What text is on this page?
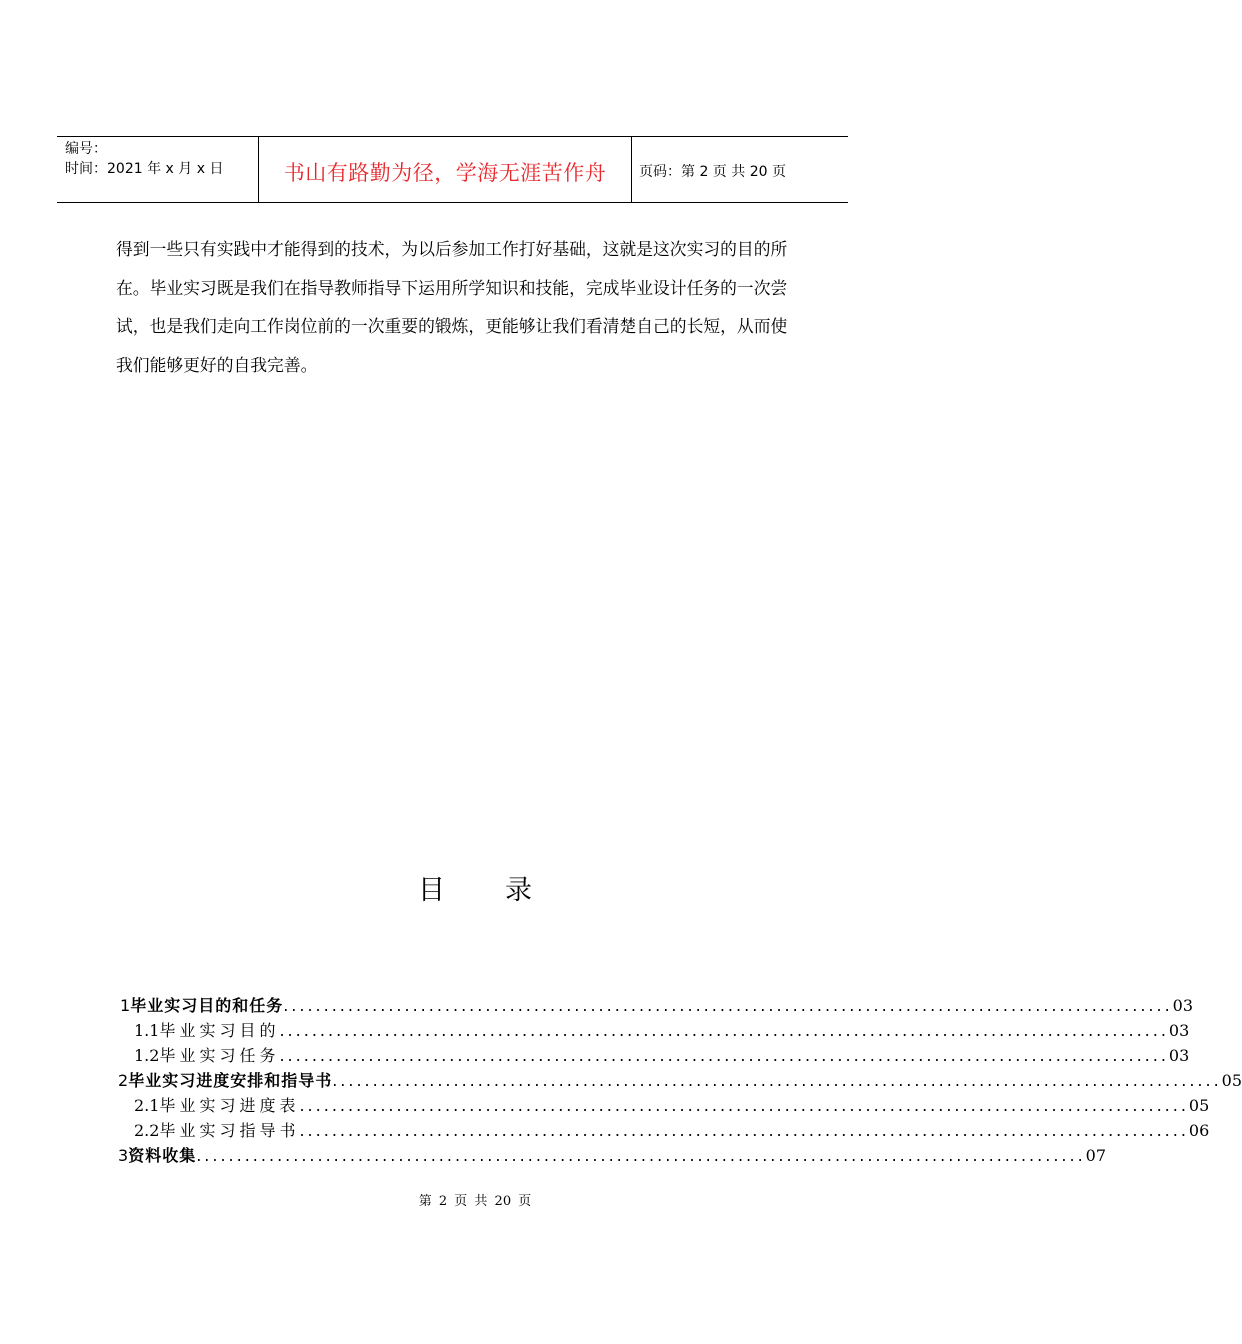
编号：
时间：2021 年 x 月 x 日	书山有路勤为径，学海无涯苦作舟	页码：第 2 页 共 20 页

得到一些只有实践中才能得到的技术，为以后参加工作打好基础，这就是这次实习的目的所在。毕业实习既是我们在指导教师指导下运用所学知识和技能，完成毕业设计任务的一次尝试，也是我们走向工作岗位前的一次重要的锻炼，更能够让我们看清楚自己的长短，从而使我们能够更好的自我完善。

目录
1 毕业实习目的和任务 .............................................................................................................. 03
1.1 毕业实习目的 .............................................................................................................. 03
1.2 毕业实习任务 .............................................................................................................. 03
2 毕业实习进度安排和指导书 .............................................................................................................. 05
2.1 毕业实习进度表 .............................................................................................................. 05
2.2 毕业实习指导书 .............................................................................................................. 06
3 资料收集 .............................................................................................................. 07
第 2 页 共 20 页
